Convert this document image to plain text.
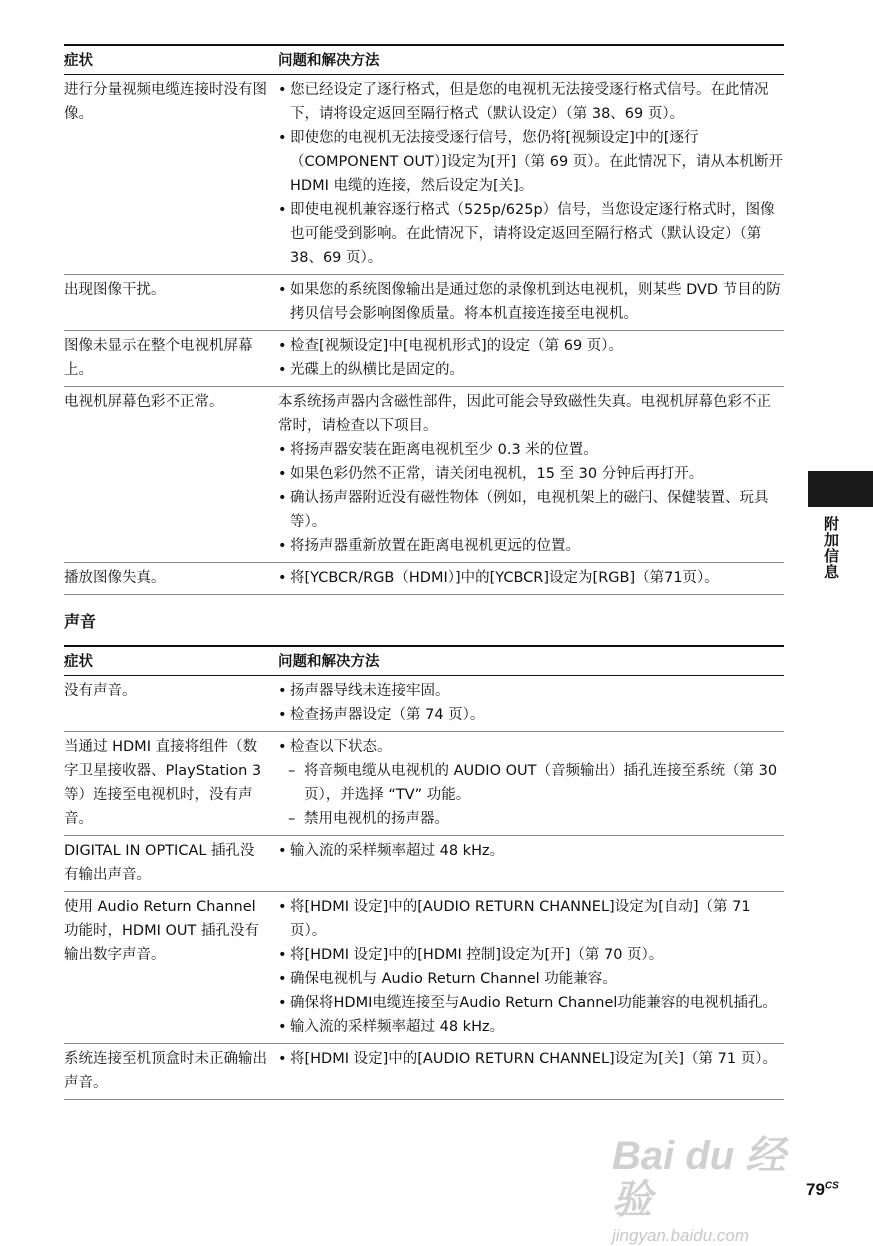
症状	问题和解决方法
进行分量视频电缆连接时没有图像。	• 您已经设定了逐行格式，但是您的电视机无法接受逐行格式信号。在此情况下，请将设定返回至隔行格式（默认设定）（第 38、69 页）。

• 即使您的电视机无法接受逐行信号，您仍将[视频设定]中的[逐行 （COMPONENT OUT）]设定为[开]（第 69 页）。在此情况下，请从本机断开 HDMI 电缆的连接，然后设定为[关]。

• 即使电视机兼容逐行格式（525p/625p）信号，当您设定逐行格式时，图像也可能受到影响。在此情况下，请将设定返回至隔行格式（默认设定）（第 38、69 页）。

出现图像干扰。	• 如果您的系统图像输出是通过您的录像机到达电视机，则某些 DVD 节目的防拷贝信号会影响图像质量。将本机直接连接至电视机。

图像未显示在整个电视机屏幕上。	• 检查[视频设定]中[电视机形式]的设定（第 69 页）。

• 光碟上的纵横比是固定的。

电视机屏幕色彩不正常。	本系统扬声器内含磁性部件，因此可能会导致磁性失真。电视机屏幕色彩不正常时，请检查以下项目。

• 将扬声器安装在距离电视机至少 0.3 米的位置。

• 如果色彩仍然不正常，请关闭电视机，15 至 30 分钟后再打开。

• 确认扬声器附近没有磁性物体（例如，电视机架上的磁闩、保健装置、玩具等）。

• 将扬声器重新放置在距离电视机更远的位置。

播放图像失真。	• 将[YCBCR/RGB（HDMI）]中的[YCBCR]设定为[RGB]（第71页）。

声音
症状	问题和解决方法
没有声音。	• 扬声器导线未连接牢固。

• 检查扬声器设定（第 74 页）。

当通过 HDMI 直接将组件（数字卫星接收器、PlayStation 3 等）连接至电视机时，没有声音。	• 检查以下状态。

– 将音频电缆从电视机的 AUDIO OUT（音频输出）插孔连接至系统（第 30 页），并选择 “TV” 功能。

– 禁用电视机的扬声器。

DIGITAL IN OPTICAL 插孔没有输出声音。	• 输入流的采样频率超过 48 kHz。

使用 Audio Return Channel 功能时，HDMI OUT 插孔没有输出数字声音。	• 将[HDMI 设定]中的[AUDIO RETURN CHANNEL]设定为[自动]（第 71 页）。

• 将[HDMI 设定]中的[HDMI 控制]设定为[开]（第 70 页）。

• 确保电视机与 Audio Return Channel 功能兼容。

• 确保将HDMI电缆连接至与Audio Return Channel功能兼容的电视机插孔。

• 输入流的采样频率超过 48 kHz。

系统连接至机顶盒时未正确输出声音。	• 将[HDMI 设定]中的[AUDIO RETURN CHANNEL]设定为[关]（第 71 页）。

附加信息
Bai du 经验
jingyan.baidu.com
$79^{CS}$
